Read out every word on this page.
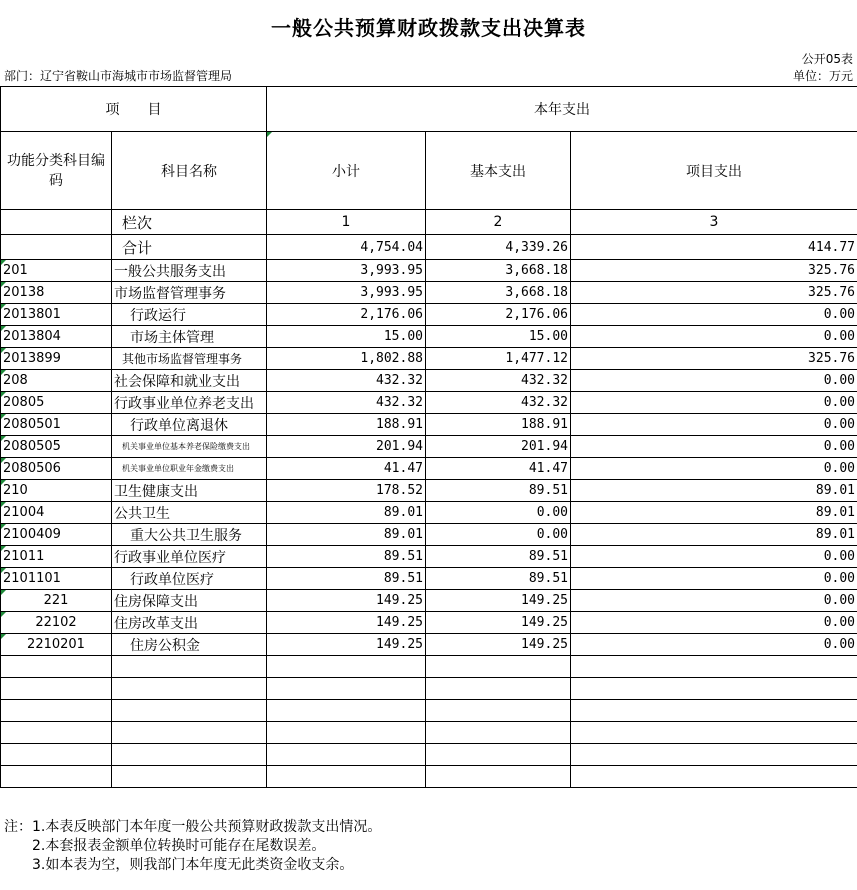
一般公共预算财政拨款支出决算表
公开05表
部门：辽宁省鞍山市海城市市场监督管理局	单位：万元
项　　目		本年支出		
功能分类科目编码	科目名称	小计	基本支出	项目支出
	栏次	1	2	3
	合计	4,754.04	4,339.26	414.77
201	一般公共服务支出	3,993.95	3,668.18	325.76
20138	市场监督管理事务	3,993.95	3,668.18	325.76
2013801	行政运行	2,176.06	2,176.06	0.00
2013804	市场主体管理	15.00	15.00	0.00
2013899	其他市场监督管理事务	1,802.88	1,477.12	325.76
208	社会保障和就业支出	432.32	432.32	0.00
20805	行政事业单位养老支出	432.32	432.32	0.00
2080501	行政单位离退休	188.91	188.91	0.00
2080505	机关事业单位基本养老保险缴费支出	201.94	201.94	0.00
2080506	机关事业单位职业年金缴费支出	41.47	41.47	0.00
210	卫生健康支出	178.52	89.51	89.01
21004	公共卫生	89.01	0.00	89.01
2100409	重大公共卫生服务	89.01	0.00	89.01
21011	行政事业单位医疗	89.51	89.51	0.00
2101101	行政单位医疗	89.51	89.51	0.00
221	住房保障支出	149.25	149.25	0.00
22102	住房改革支出	149.25	149.25	0.00
2210201	住房公积金	149.25	149.25	0.00

注：1.本表反映部门本年度一般公共预算财政拨款支出情况。
　　2.本套报表金额单位转换时可能存在尾数误差。
　　3.如本表为空，则我部门本年度无此类资金收支余。
